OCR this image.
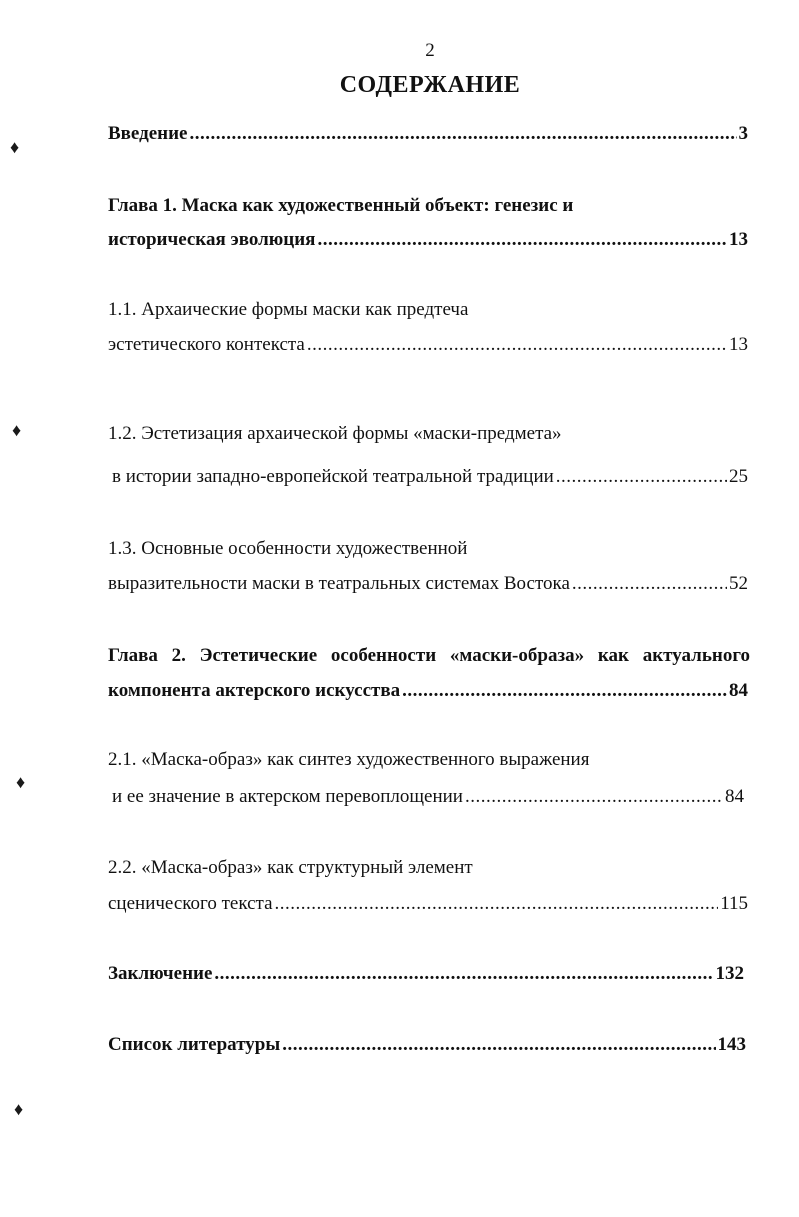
2
СОДЕРЖАНИЕ
Введение .....	3
Глава 1. Маска как художественный объект: генезис и
историческая эволюция .....	13
1.1. Архаические формы маски как предтеча
эстетического контекста .....	13
1.2. Эстетизация архаической формы «маски-предмета»
в истории западно-европейской театральной традиции .....	25
1.3. Основные особенности художественной
выразительности маски в театральных системах Востока .....	52
Глава 2. Эстетические особенности «маски-образа» как актуального
компонента актерского искусства .....	84
2.1. «Маска-образ» как синтез художественного выражения
и ее значение в актерском перевоплощении .....	84
2.2. «Маска-образ» как структурный элемент
сценического текста .....	115
Заключение .....	132
Список литературы .....	143
♦
♦
♦
♦
